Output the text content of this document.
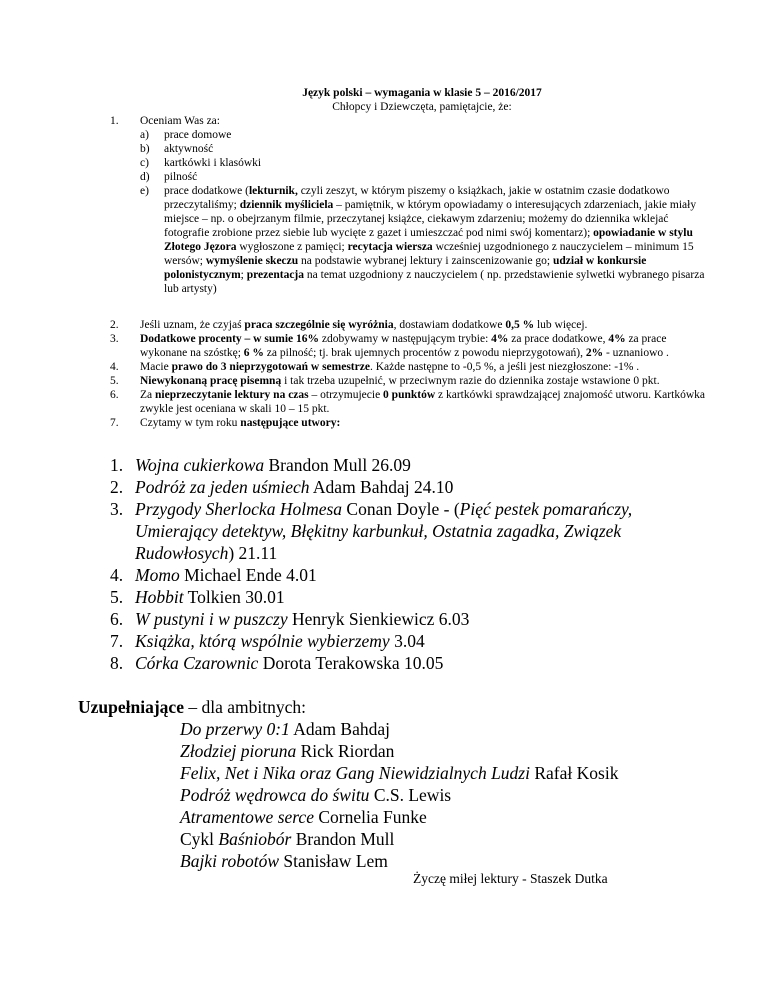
Język polski – wymagania w klasie 5 – 2016/2017
Chłopcy i Dziewczęta, pamiętajcie, że:
1. Oceniam Was za:
a) prace domowe
b) aktywność
c) kartkówki i klasówki
d) pilność
e) prace dodatkowe (lekturnik, czyli zeszyt, w którym piszemy o książkach, jakie w ostatnim czasie dodatkowo przeczytaliśmy; dziennik myśliciela – pamiętnik, w którym opowiadamy o interesujących zdarzeniach, jakie miały miejsce – np. o obejrzanym filmie, przeczytanej książce, ciekawym zdarzeniu; możemy do dziennika wklejać fotografie zrobione przez siebie lub wycięte z gazet i umieszczać pod nimi swój komentarz); opowiadanie w stylu Złotego Jęzora wygłoszone z pamięci; recytacja wiersza wcześniej uzgodnionego z nauczycielem – minimum 15 wersów; wymyślenie skeczu na podstawie wybranej lektury i zainscenizowanie go; udział w konkursie polonistycznym; prezentacja na temat uzgodniony z nauczycielem ( np. przedstawienie sylwetki wybranego pisarza lub artysty)
2. Jeśli uznam, że czyjaś praca szczególnie się wyróżnia, dostawiam dodatkowe 0,5 % lub więcej.
3. Dodatkowe procenty – w sumie 16% zdobywamy w następującym trybie: 4% za prace dodatkowe, 4% za prace wykonane na szóstkę; 6 % za pilność; tj. brak ujemnych procentów z powodu nieprzygotowań), 2% - uznaniowo .
4. Macie prawo do 3 nieprzygotowań w semestrze. Każde następne to -0,5 %, a jeśli jest niezgłoszone: -1% .
5. Niewykonaną pracę pisemną i tak trzeba uzupełnić, w przeciwnym razie do dziennika zostaje wstawione 0 pkt.
6. Za nieprzeczytanie lektury na czas – otrzymujecie 0 punktów z kartkówki sprawdzającej znajomość utworu. Kartkówka zwykle jest oceniana w skali 10 – 15 pkt.
7. Czytamy w tym roku następujące utwory:
1. Wojna cukierkowa Brandon Mull 26.09
2. Podróż za jeden uśmiech Adam Bahdaj 24.10
3. Przygody Sherlocka Holmesa Conan Doyle - (Pięć pestek pomarańczy, Umierający detektyw, Błękitny karbunkuł, Ostatnia zagadka, Związek Rudowłosych) 21.11
4. Momo Michael Ende 4.01
5. Hobbit Tolkien 30.01
6. W pustyni i w puszczy Henryk Sienkiewicz 6.03
7. Książka, którą wspólnie wybierzemy 3.04
8. Córka Czarownic Dorota Terakowska 10.05
Uzupełniające – dla ambitnych:
Do przerwy 0:1 Adam Bahdaj
Złodziej pioruna Rick Riordan
Felix, Net i Nika oraz Gang Niewidzialnych Ludzi Rafał Kosik
Podróż wędrowca do świtu C.S. Lewis
Atramentowe serce Cornelia Funke
Cykl Baśniobór Brandon Mull
Bajki robotów Stanisław Lem
Życzę miłej lektury - Staszek Dutka
